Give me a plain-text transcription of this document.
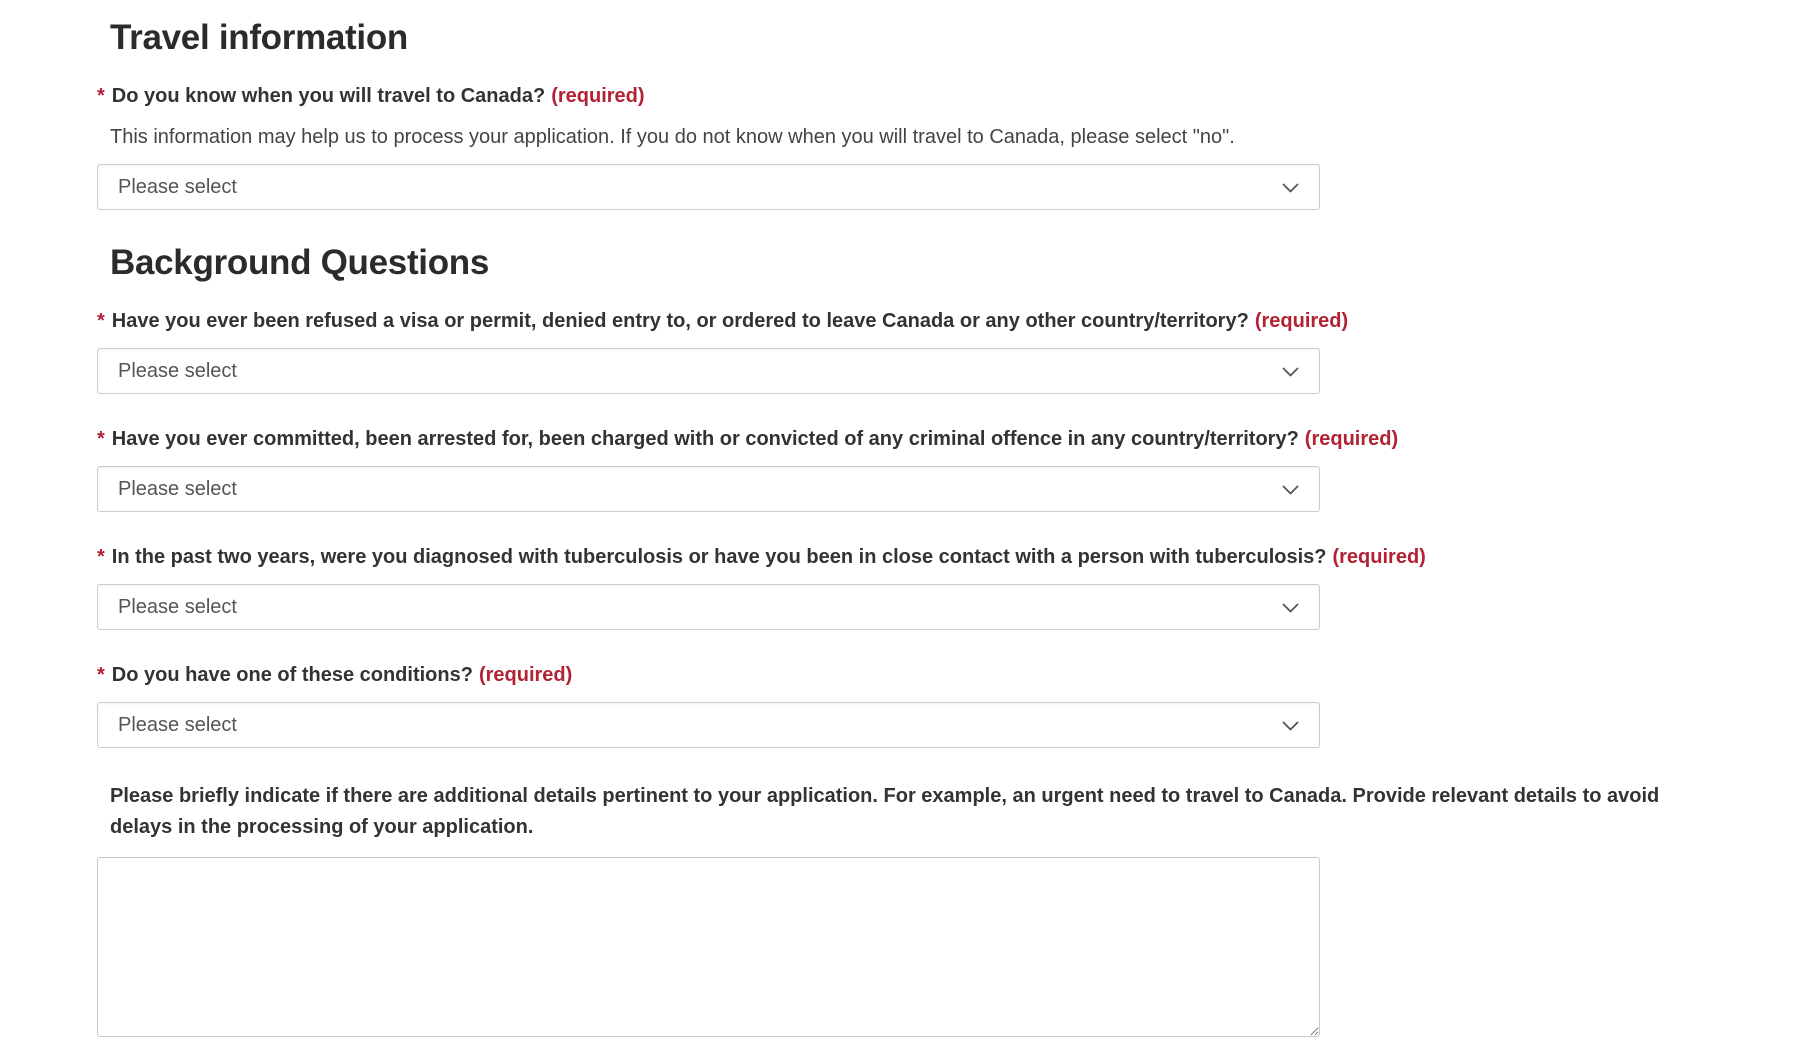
Travel information
* Do you know when you will travel to Canada? (required)

This information may help us to process your application. If you do not know when you will travel to Canada, please select "no".

Please select
Background Questions
* Have you ever been refused a visa or permit, denied entry to, or ordered to leave Canada or any other country/territory? (required)
Please select
* Have you ever committed, been arrested for, been charged with or convicted of any criminal offence in any country/territory? (required)
Please select
* In the past two years, were you diagnosed with tuberculosis or have you been in close contact with a person with tuberculosis? (required)
Please select
* Do you have one of these conditions? (required)
Please select

Please briefly indicate if there are additional details pertinent to your application. For example, an urgent need to travel to Canada. Provide relevant details to avoid delays in the processing of your application.
